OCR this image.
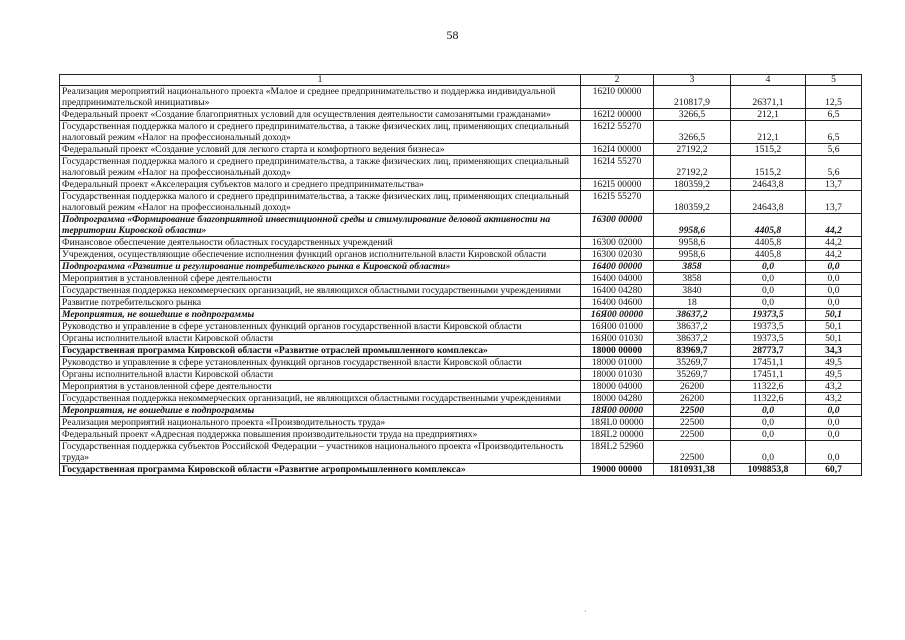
58
1	2	3	4	5
Реализация мероприятий национального проекта «Малое и среднее предпринимательство и поддержка индивидуальной предпринимательской инициативы»	162I0 00000	210817,9	26371,1	12,5
Федеральный проект «Создание благоприятных условий для осуществления деятельности самозанятыми гражданами»	162I2 00000	3266,5	212,1	6,5
Государственная поддержка малого и среднего предпринимательства, а также физических лиц, применяющих специальный налоговый режим «Налог на профессиональный доход»	162I2 55270	3266,5	212,1	6,5
Федеральный проект «Создание условий для легкого старта и комфортного ведения бизнеса»	162I4 00000	27192,2	1515,2	5,6
Государственная поддержка малого и среднего предпринимательства, а также физических лиц, применяющих специальный налоговый режим «Налог на профессиональный доход»	162I4 55270	27192,2	1515,2	5,6
Федеральный проект «Акселерация субъектов малого и среднего предпринимательства»	162I5 00000	180359,2	24643,8	13,7
Государственная поддержка малого и среднего предпринимательства, а также физических лиц, применяющих специальный налоговый режим «Налог на профессиональный доход»	162I5 55270	180359,2	24643,8	13,7
Подпрограмма «Формирование благоприятной инвестиционной среды и стимулирование деловой активности на территории Кировской области»	16300 00000	9958,6	4405,8	44,2
Финансовое обеспечение деятельности областных государственных учреждений	16300 02000	9958,6	4405,8	44,2
Учреждения, осуществляющие обеспечение исполнения функций органов исполнительной власти Кировской области	16300 02030	9958,6	4405,8	44,2
Подпрограмма «Развитие и регулирование потребительского рынка в Кировской области»	16400 00000	3858	0,0	0,0
Мероприятия в установленной сфере деятельности	16400 04000	3858	0,0	0,0
Государственная поддержка некоммерческих организаций, не являющихся областными государственными учреждениями	16400 04280	3840	0,0	0,0
Развитие потребительского рынка	16400 04600	18	0,0	0,0
Мероприятия, не вошедшие в подпрограммы	16Я00 00000	38637,2	19373,5	50,1
Руководство и управление в сфере установленных функций органов государственной власти Кировской области	16Я00 01000	38637,2	19373,5	50,1
Органы исполнительной власти Кировской области	16Я00 01030	38637,2	19373,5	50,1
Государственная программа Кировской области «Развитие отраслей промышленного комплекса»	18000 00000	83969,7	28773,7	34,3
Руководство и управление в сфере установленных функций органов государственной власти Кировской области	18000 01000	35269,7	17451,1	49,5
Органы исполнительной власти Кировской области	18000 01030	35269,7	17451,1	49,5
Мероприятия в установленной сфере деятельности	18000 04000	26200	11322,6	43,2
Государственная поддержка некоммерческих организаций, не являющихся областными государственными учреждениями	18000 04280	26200	11322,6	43,2
Мероприятия, не вошедшие в подпрограммы	18Я00 00000	22500	0,0	0,0
Реализация мероприятий национального проекта «Производительность труда»	18ЯL0 00000	22500	0,0	0,0
Федеральный проект «Адресная поддержка повышения производительности труда на предприятиях»	18ЯL2 00000	22500	0,0	0,0
Государственная поддержка субъектов Российской Федерации – участников национального проекта «Производительность труда»	18ЯL2 52960	22500	0,0	0,0
Государственная программа Кировской области «Развитие агропромышленного комплекса»	19000 00000	1810931,38	1098853,8	60,7
·
